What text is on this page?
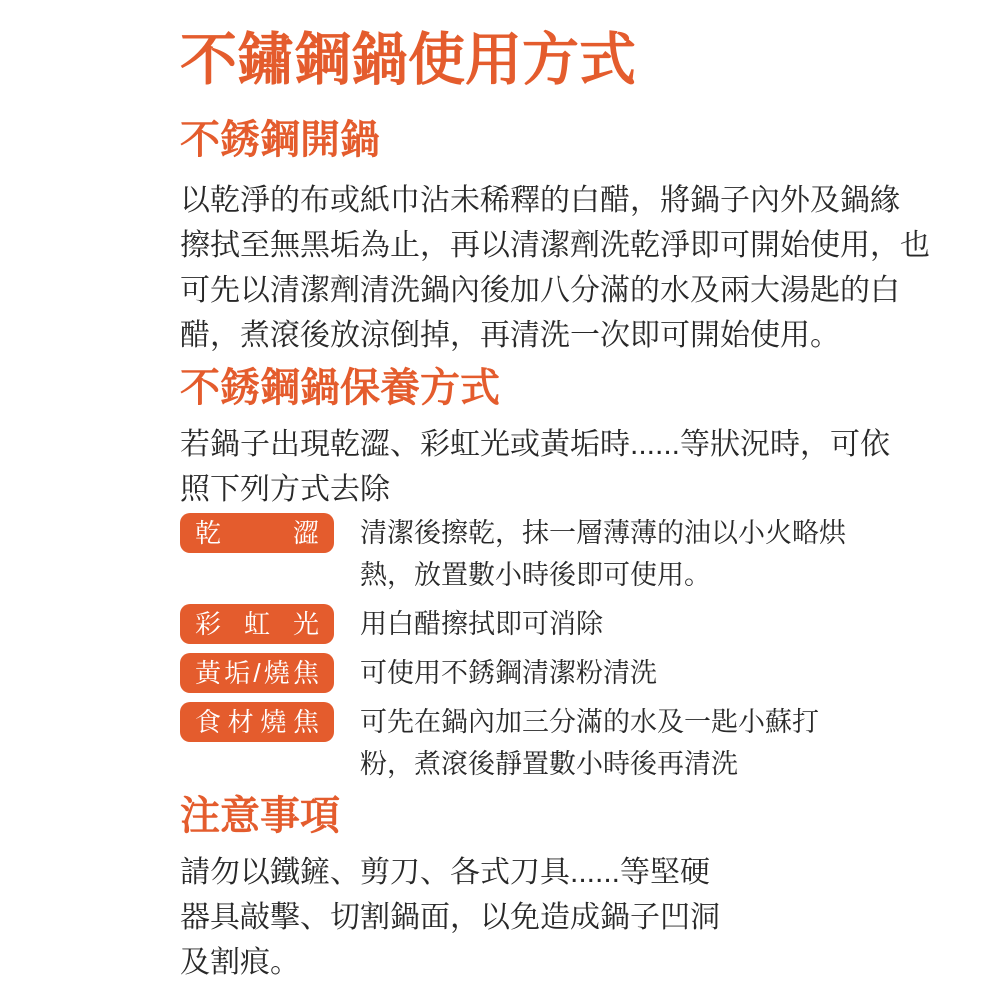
不鏽鋼鍋使用方式
不銹鋼開鍋

以乾淨的布或紙巾沾未稀釋的白醋，將鍋子內外及鍋緣
擦拭至無黑垢為止，再以清潔劑洗乾淨即可開始使用，也
可先以清潔劑清洗鍋內後加八分滿的水及兩大湯匙的白
醋，煮滾後放涼倒掉，再清洗一次即可開始使用。

不銹鋼鍋保養方式

若鍋子出現乾澀、彩虹光或黃垢時......等狀況時，可依
照下列方式去除

乾澀	清潔後擦乾，抹一層薄薄的油以小火略烘
熱，放置數小時後即可使用。
彩虹光	用白醋擦拭即可消除
黃垢/燒焦	可使用不銹鋼清潔粉清洗
食材燒焦	可先在鍋內加三分滿的水及一匙小蘇打
粉，煮滾後靜置數小時後再清洗
注意事項

請勿以鐵鏟、剪刀、各式刀具......等堅硬
器具敲擊、切割鍋面，以免造成鍋子凹洞
及割痕。
